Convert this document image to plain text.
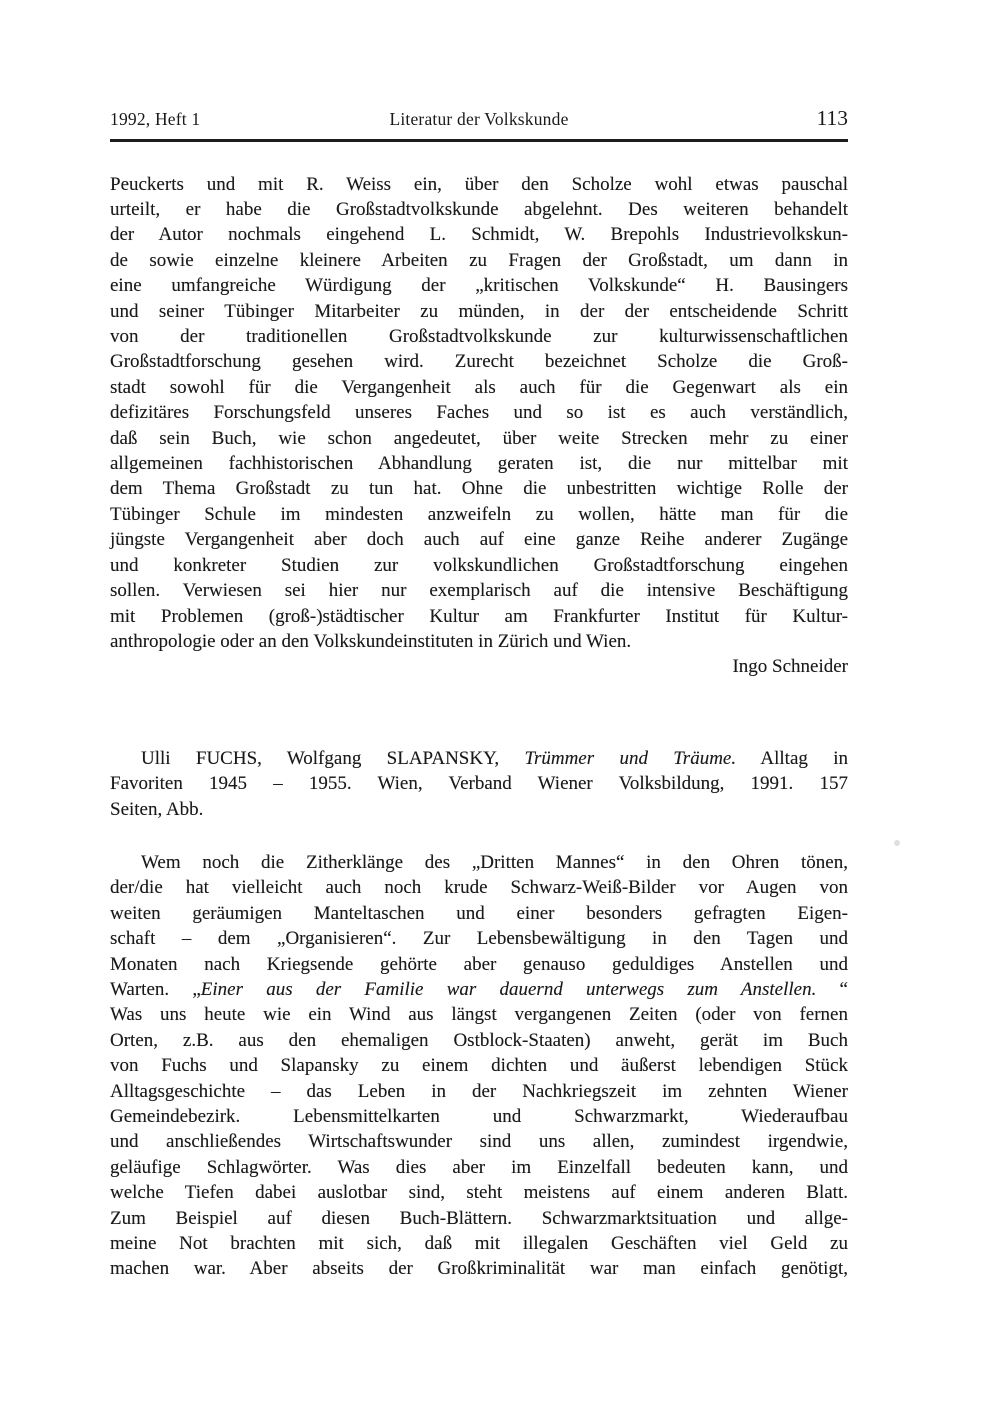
1992, Heft 1	Literatur der Volkskunde	113
Peuckerts und mit R. Weiss ein, über den Scholze wohl etwas pauschal
urteilt, er habe die Großstadtvolkskunde abgelehnt. Des weiteren behandelt
der Autor nochmals eingehend L. Schmidt, W. Brepohls Industrievolkskun-
de sowie einzelne kleinere Arbeiten zu Fragen der Großstadt, um dann in
eine umfangreiche Würdigung der „kritischen Volkskunde“ H. Bausingers
und seiner Tübinger Mitarbeiter zu münden, in der der entscheidende Schritt
von der traditionellen Großstadtvolkskunde zur kulturwissenschaftlichen
Großstadtforschung gesehen wird. Zurecht bezeichnet Scholze die Groß-
stadt sowohl für die Vergangenheit als auch für die Gegenwart als ein
defizitäres Forschungsfeld unseres Faches und so ist es auch verständlich,
daß sein Buch, wie schon angedeutet, über weite Strecken mehr zu einer
allgemeinen fachhistorischen Abhandlung geraten ist, die nur mittelbar mit
dem Thema Großstadt zu tun hat. Ohne die unbestritten wichtige Rolle der
Tübinger Schule im mindesten anzweifeln zu wollen, hätte man für die
jüngste Vergangenheit aber doch auch auf eine ganze Reihe anderer Zugänge
und konkreter Studien zur volkskundlichen Großstadtforschung eingehen
sollen. Verwiesen sei hier nur exemplarisch auf die intensive Beschäftigung
mit Problemen (groß-)städtischer Kultur am Frankfurter Institut für Kultur-
anthropologie oder an den Volkskundeinstituten in Zürich und Wien.
Ingo Schneider
Ulli FUCHS, Wolfgang SLAPANSKY, Trümmer und Träume. Alltag in
Favoriten 1945 – 1955. Wien, Verband Wiener Volksbildung, 1991. 157
Seiten, Abb.
Wem noch die Zitherklänge des „Dritten Mannes“ in den Ohren tönen,
der/die hat vielleicht auch noch krude Schwarz-Weiß-Bilder vor Augen von
weiten geräumigen Manteltaschen und einer besonders gefragten Eigen-
schaft – dem „Organisieren“. Zur Lebensbewältigung in den Tagen und
Monaten nach Kriegsende gehörte aber genauso geduldiges Anstellen und
Warten. „Einer aus der Familie war dauernd unterwegs zum Anstellen. “
Was uns heute wie ein Wind aus längst vergangenen Zeiten (oder von fernen
Orten, z.B. aus den ehemaligen Ostblock-Staaten) anweht, gerät im Buch
von Fuchs und Slapansky zu einem dichten und äußerst lebendigen Stück
Alltagsgeschichte – das Leben in der Nachkriegszeit im zehnten Wiener
Gemeindebezirk. Lebensmittelkarten und Schwarzmarkt, Wiederaufbau
und anschließendes Wirtschaftswunder sind uns allen, zumindest irgendwie,
geläufige Schlagwörter. Was dies aber im Einzelfall bedeuten kann, und
welche Tiefen dabei auslotbar sind, steht meistens auf einem anderen Blatt.
Zum Beispiel auf diesen Buch-Blättern. Schwarzmarktsituation und allge-
meine Not brachten mit sich, daß mit illegalen Geschäften viel Geld zu
machen war. Aber abseits der Großkriminalität war man einfach genötigt,
